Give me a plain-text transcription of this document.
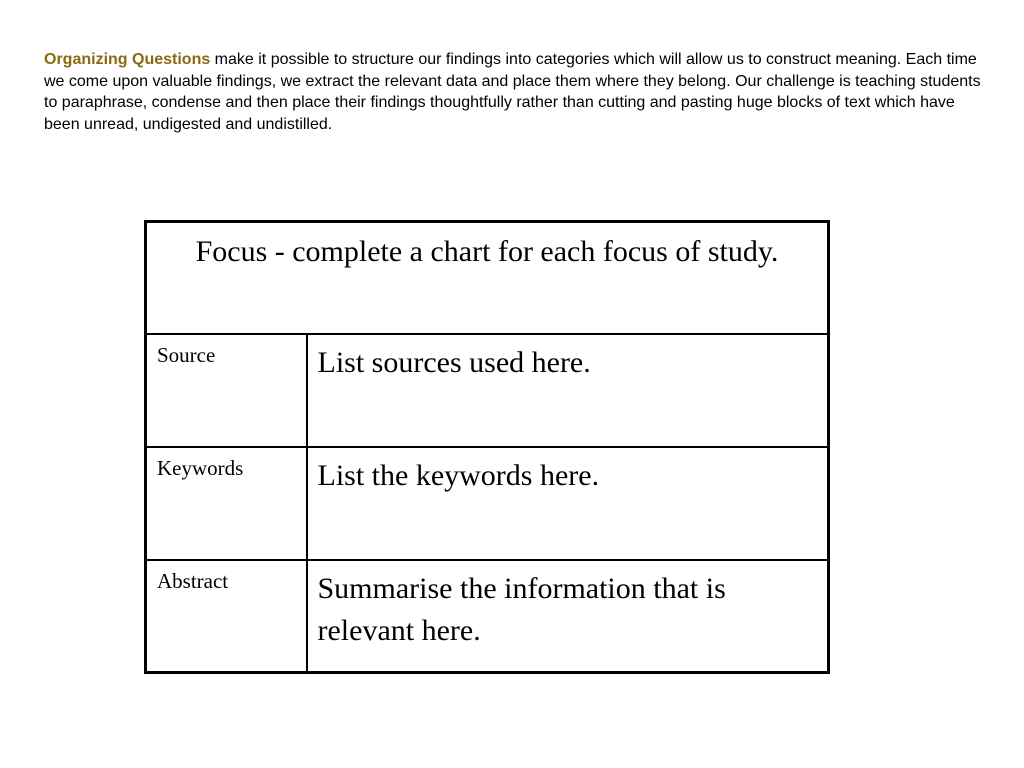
Organizing Questions make it possible to structure our findings into categories which will allow us to construct meaning. Each time we come upon valuable findings, we extract the relevant data and place them where they belong. Our challenge is teaching students to paraphrase, condense and then place their findings thoughtfully rather than cutting and pasting huge blocks of text which have been unread, undigested and undistilled.

Focus - complete a chart for each focus of study.	
Source	List sources used here.
Keywords	List the keywords here.
Abstract	Summarise the information that is relevant here.
